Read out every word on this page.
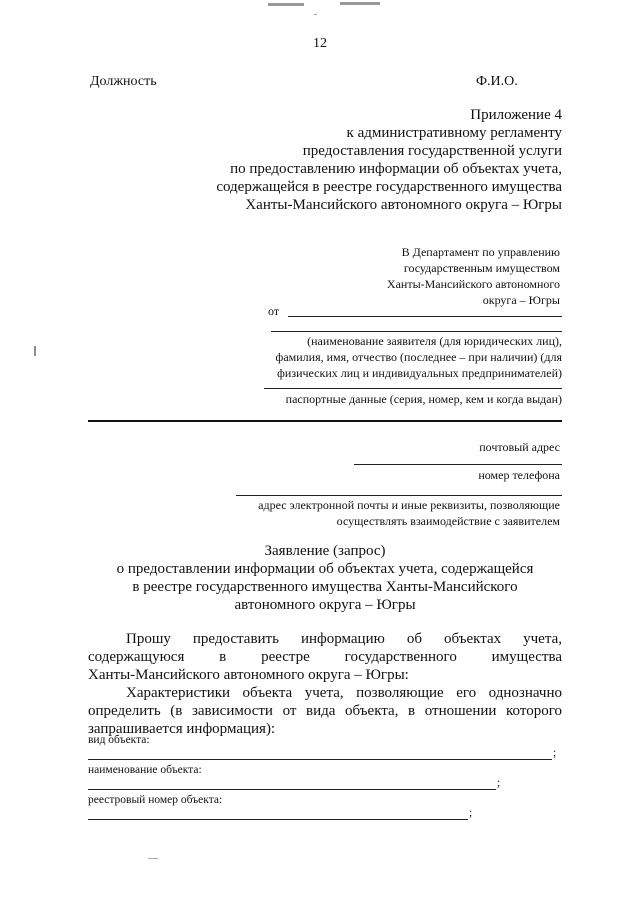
12
Должность	Ф.И.О.
Приложение 4
к административному регламенту
предоставления государственной услуги
по предоставлению информации об объектах учета,
содержащейся в реестре государственного имущества
Ханты-Мансийского автономного округа – Югры
В Департамент по управлению
государственным имуществом
Ханты-Мансийского автономного
округа – Югры
от
(наименование заявителя (для юридических лиц),
фамилия, имя, отчество (последнее – при наличии) (для
физических лиц и индивидуальных предпринимателей)
паспортные данные (серия, номер, кем и когда выдан)
почтовый адрес
номер телефона
адрес электронной почты и иные реквизиты, позволяющие
осуществлять взаимодействие с заявителем
Заявление (запрос)
о предоставлении информации об объектах учета, содержащейся
в реестре государственного имущества Ханты-Мансийского
автономного округа – Югры
Прошу предоставить информацию об объектах учета,
содержащуюся в реестре государственного имущества
Ханты-Мансийского автономного округа – Югры:
Характеристики объекта учета, позволяющие его однозначно
определить (в зависимости от вида объекта, в отношении которого
запрашивается информация):
вид объекта:
;
наименование объекта:
;
реестровый номер объекта:
;
